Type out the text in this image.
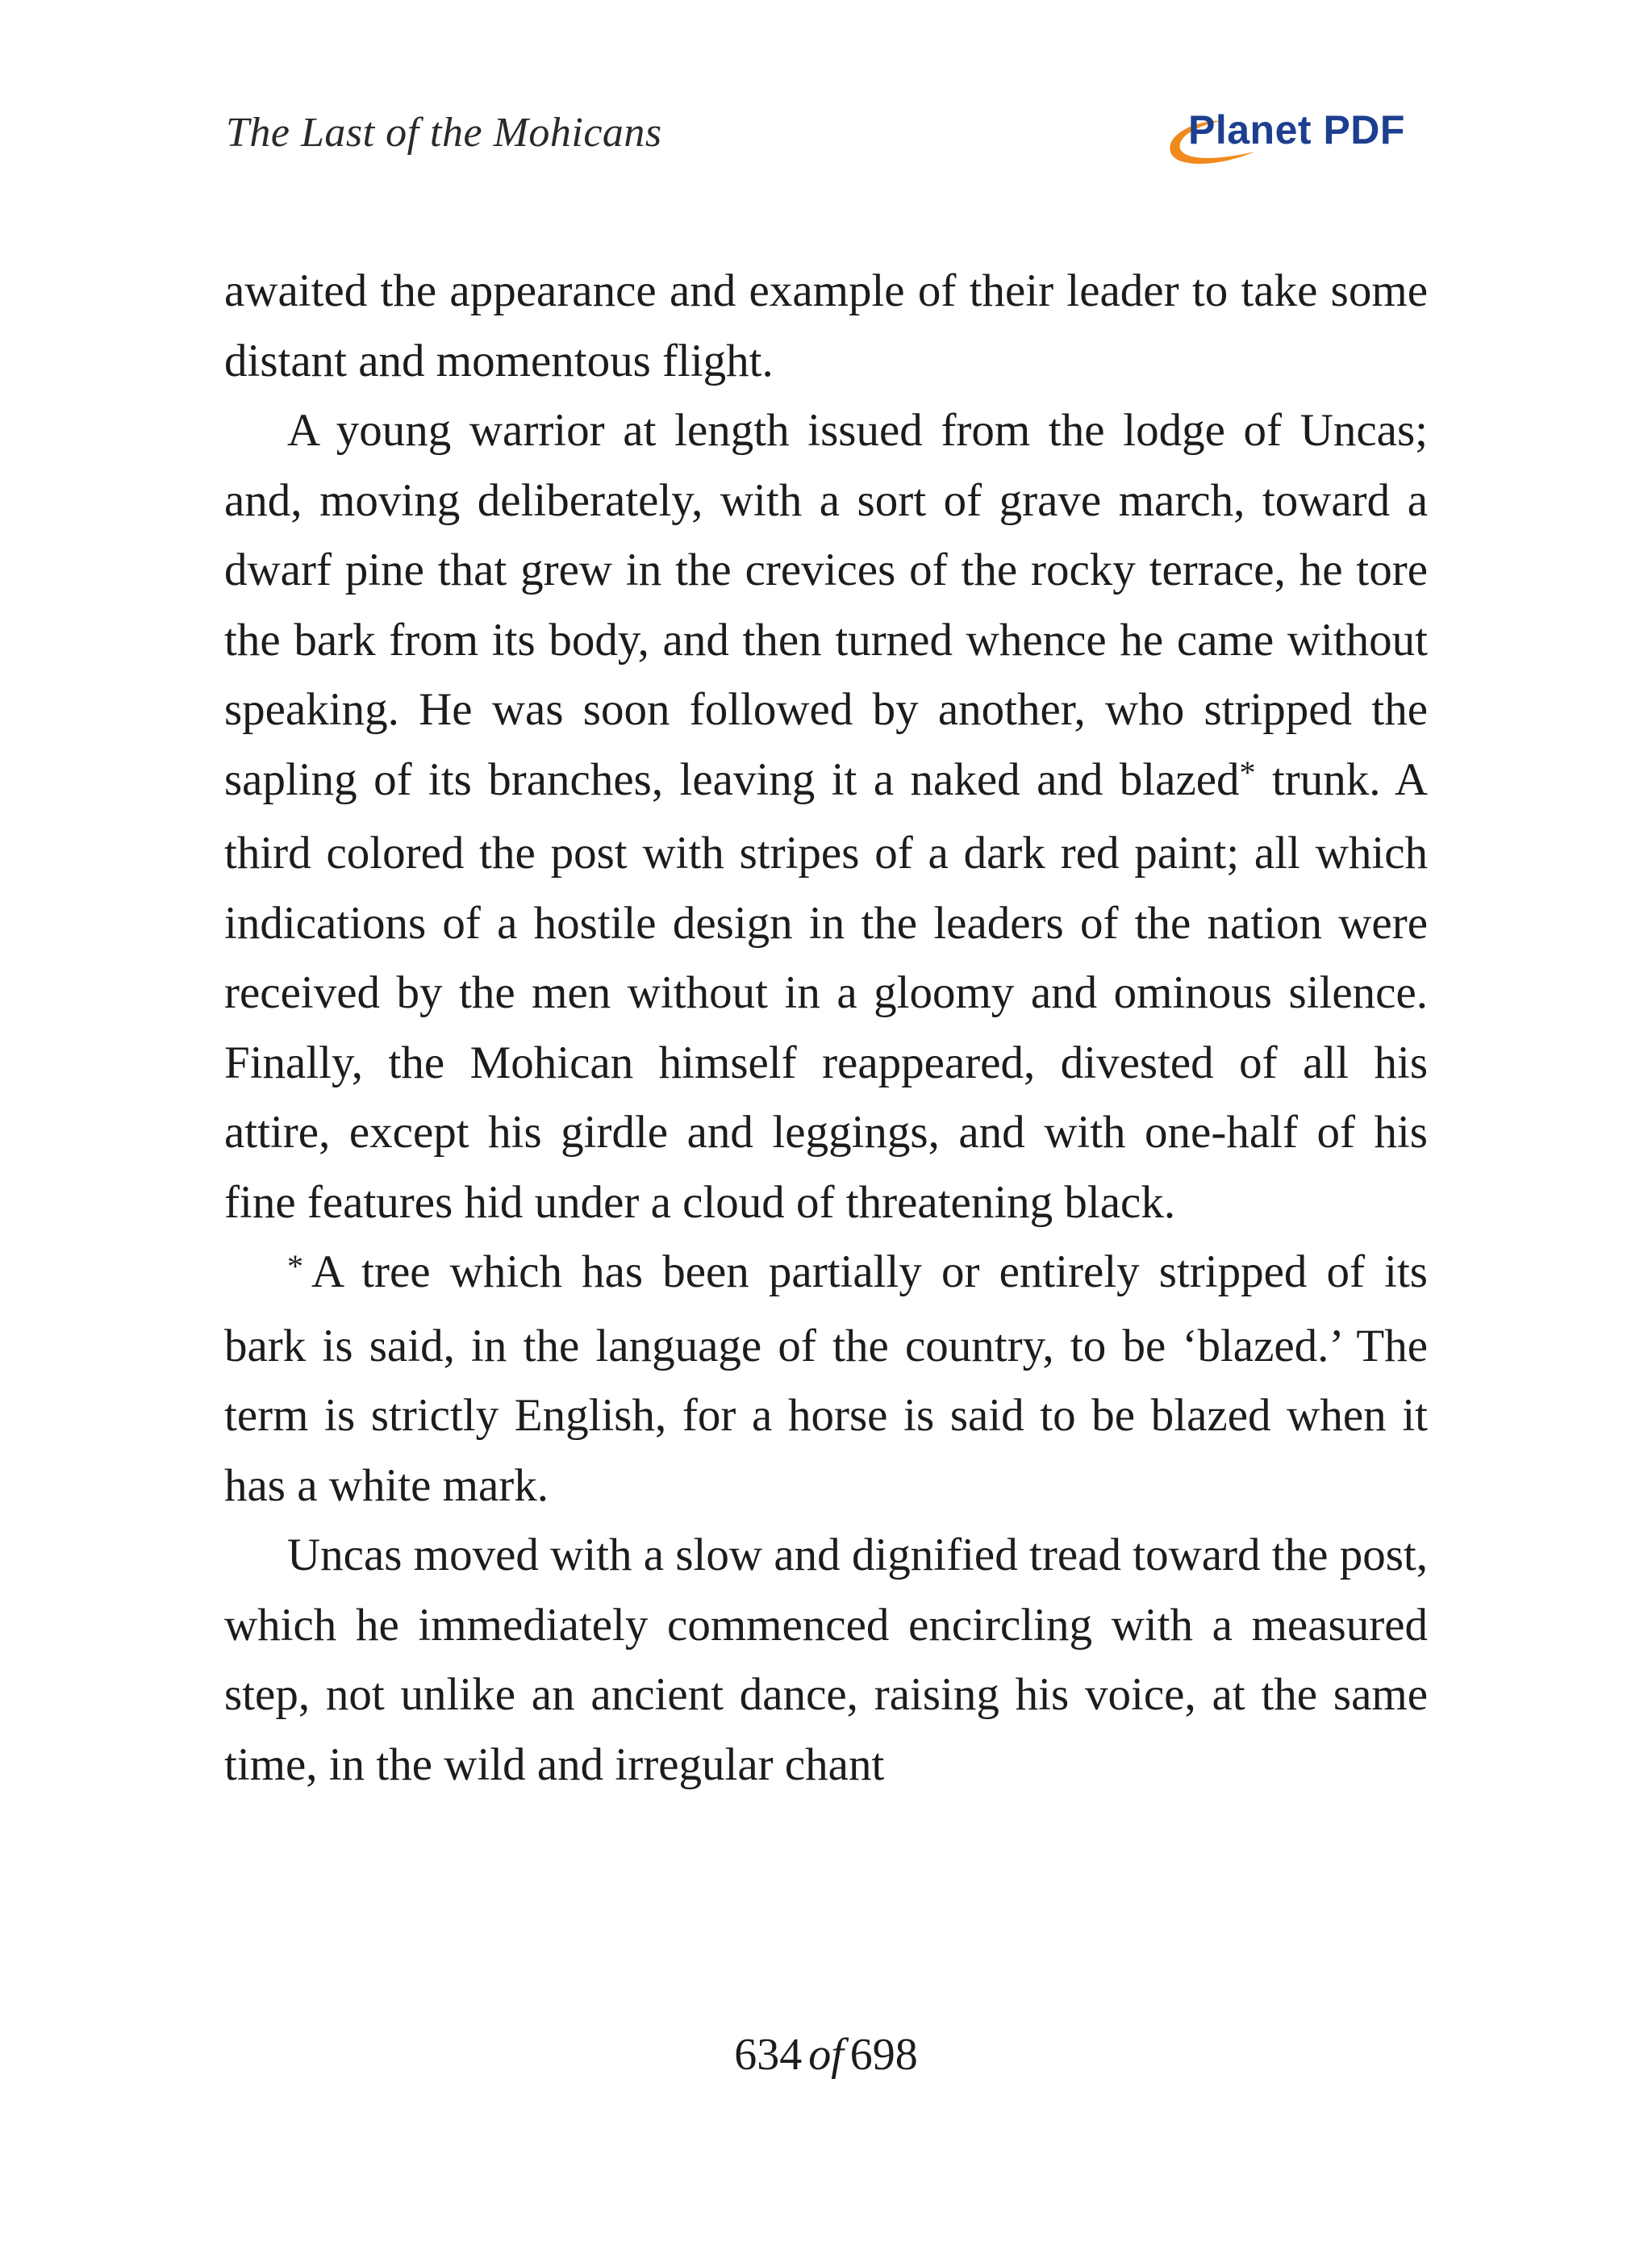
The Last of the Mohicans	Planet PDF

awaited the appearance and example of their leader to take some distant and momentous flight.

A young warrior at length issued from the lodge of Uncas; and, moving deliberately, with a sort of grave march, toward a dwarf pine that grew in the crevices of the rocky terrace, he tore the bark from its body, and then turned whence he came without speaking. He was soon followed by another, who stripped the sapling of its branches, leaving it a naked and blazed* trunk. A third colored the post with stripes of a dark red paint; all which indications of a hostile design in the leaders of the nation were received by the men without in a gloomy and ominous silence. Finally, the Mohican himself reappeared, divested of all his attire, except his girdle and leggings, and with one-half of his fine features hid under a cloud of threatening black.

* A tree which has been partially or entirely stripped of its bark is said, in the language of the country, to be ‘blazed.’ The term is strictly English, for a horse is said to be blazed when it has a white mark.

Uncas moved with a slow and dignified tread toward the post, which he immediately commenced encircling with a measured step, not unlike an ancient dance, raising his voice, at the same time, in the wild and irregular chant

634 of 698
